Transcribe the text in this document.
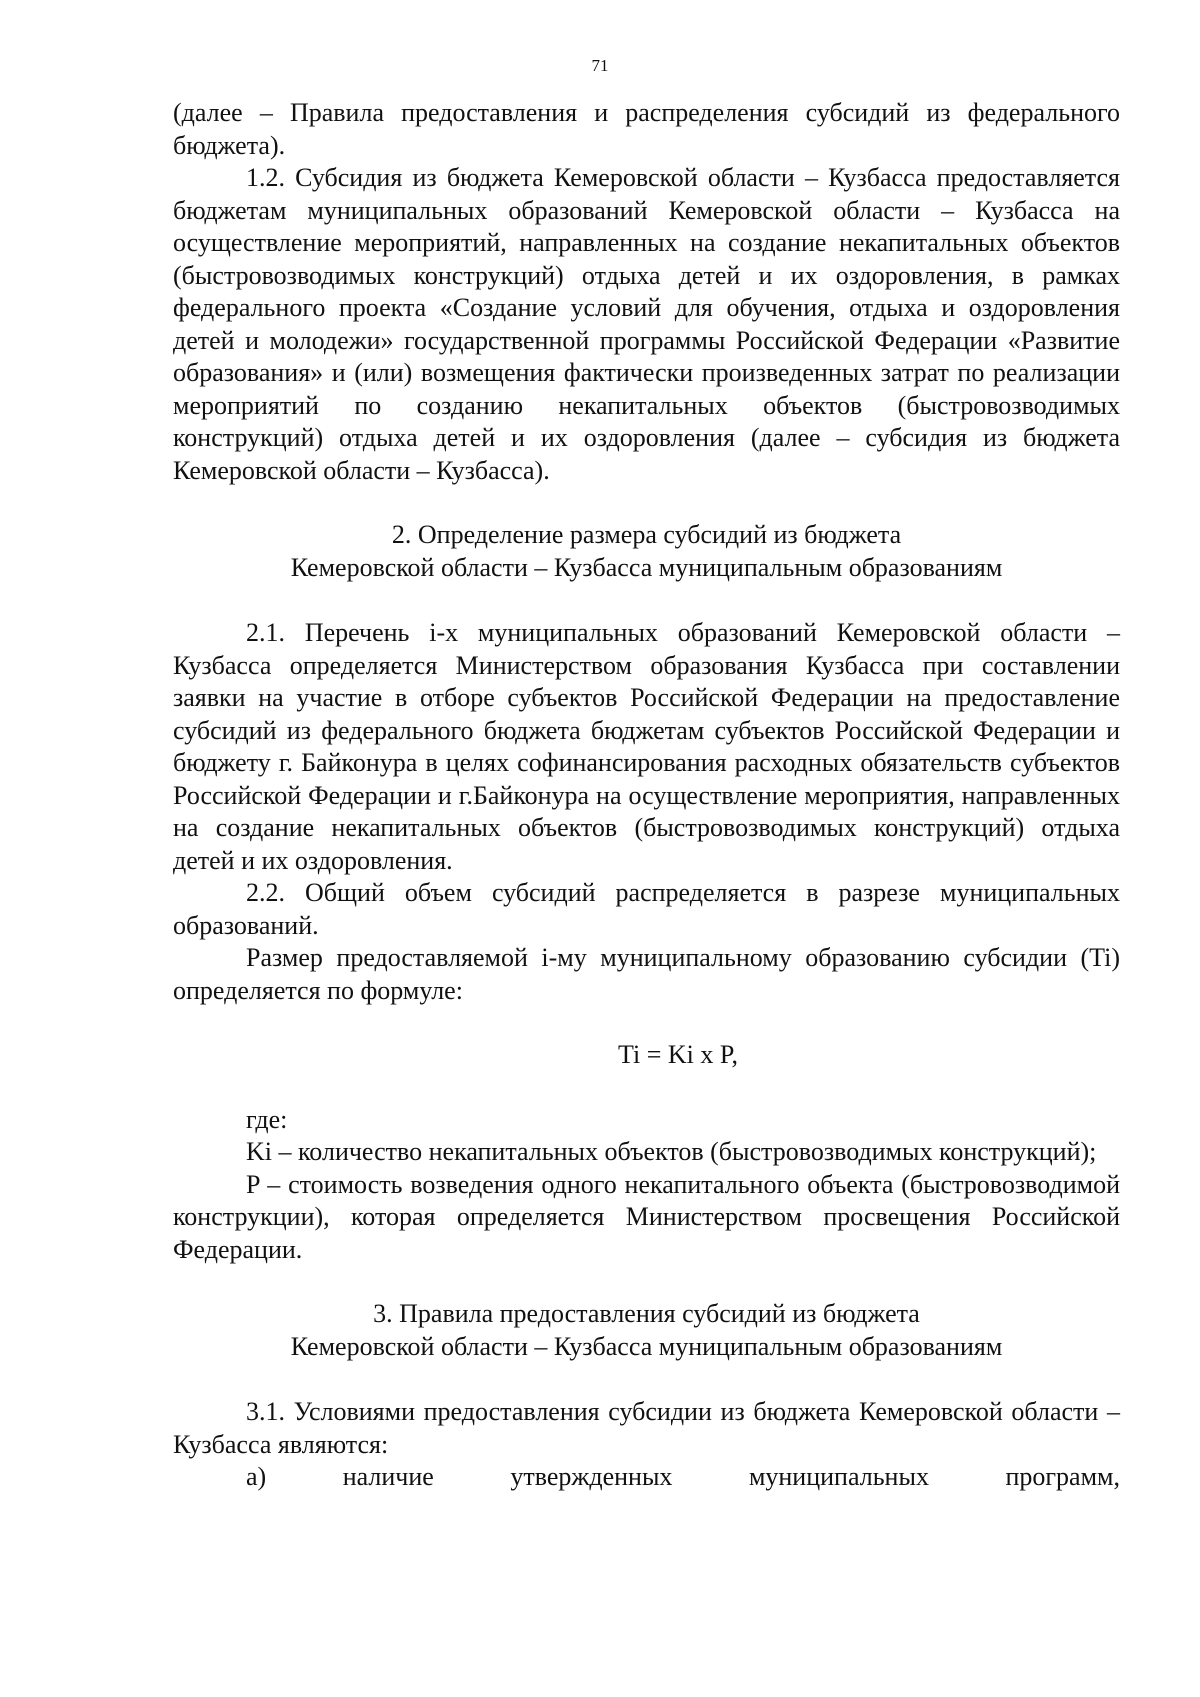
71

(далее – Правила предоставления и распределения субсидий из федерального бюджета).

1.2. Субсидия из бюджета Кемеровской области – Кузбасса предоставляется бюджетам муниципальных образований Кемеровской области – Кузбасса на осуществление мероприятий, направленных на создание некапитальных объектов (быстровозводимых конструкций) отдыха детей и их оздоровления, в рамках федерального проекта «Создание условий для обучения, отдыха и оздоровления детей и молодежи» государственной программы Российской Федерации «Развитие образования» и (или) возмещения фактически произведенных затрат по реализации мероприятий по созданию некапитальных объектов (быстровозводимых конструкций) отдыха детей и их оздоровления (далее – субсидия из бюджета Кемеровской области – Кузбасса).

2. Определение размера субсидий из бюджета
Кемеровской области – Кузбасса муниципальным образованиям

2.1. Перечень i-х муниципальных образований Кемеровской области – Кузбасса определяется Министерством образования Кузбасса при составлении заявки на участие в отборе субъектов Российской Федерации на предоставление субсидий из федерального бюджета бюджетам субъектов Российской Федерации и бюджету г. Байконура в целях софинансирования расходных обязательств субъектов Российской Федерации и г.Байконура на осуществление мероприятия, направленных на создание некапитальных объектов (быстровозводимых конструкций) отдыха детей и их оздоровления.

2.2. Общий объем субсидий распределяется в разрезе муниципальных образований.

Размер предоставляемой i-му муниципальному образованию субсидии (Ti) определяется по формуле:

Ti = Ki x P,

где:

Ki – количество некапитальных объектов (быстровозводимых конструкций);

P – стоимость возведения одного некапитального объекта (быстровозводимой конструкции), которая определяется Министерством просвещения Российской Федерации.

3. Правила предоставления субсидий из бюджета
Кемеровской области – Кузбасса муниципальным образованиям

3.1. Условиями предоставления субсидии из бюджета Кемеровской области – Кузбасса являются:

а) наличие утвержденных муниципальных программ,
